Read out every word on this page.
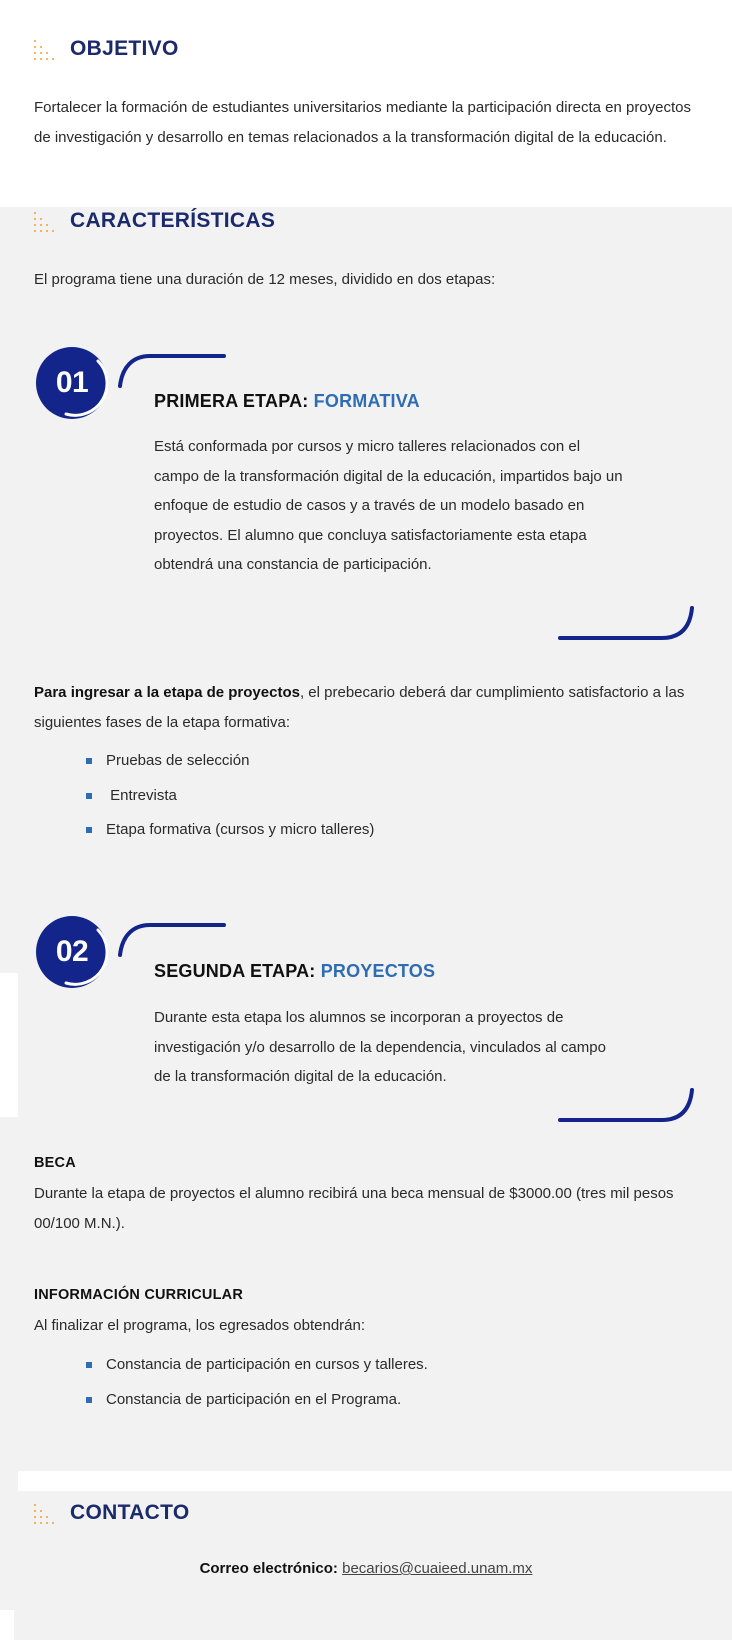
OBJETIVO
Fortalecer la formación de estudiantes universitarios mediante la participación directa en proyectos de investigación y desarrollo en temas relacionados a la transformación digital de la educación.
CARACTERÍSTICAS
El programa tiene una duración de 12 meses, dividido en dos etapas:
01
PRIMERA ETAPA: FORMATIVA
Está conformada por cursos y micro talleres relacionados con el campo de la transformación digital de la educación, impartidos bajo un enfoque de estudio de casos y a través de un modelo basado en proyectos. El alumno que concluya satisfactoriamente esta etapa obtendrá una constancia de participación.
Para ingresar a la etapa de proyectos, el prebecario deberá dar cumplimiento satisfactorio a las siguientes fases de la etapa formativa:
Pruebas de selección
Entrevista
Etapa formativa (cursos y micro talleres)
02
SEGUNDA ETAPA: PROYECTOS
Durante esta etapa los alumnos se incorporan a proyectos de investigación y/o desarrollo de la dependencia, vinculados al campo de la transformación digital de la educación.
BECA
Durante la etapa de proyectos el alumno recibirá una beca mensual de $3000.00 (tres mil pesos 00/100 M.N.).
INFORMACIÓN CURRICULAR
Al finalizar el programa, los egresados obtendrán:
Constancia de participación en cursos y talleres.
Constancia de participación en el Programa.
CONTACTO
Correo electrónico: becarios@cuaieed.unam.mx
